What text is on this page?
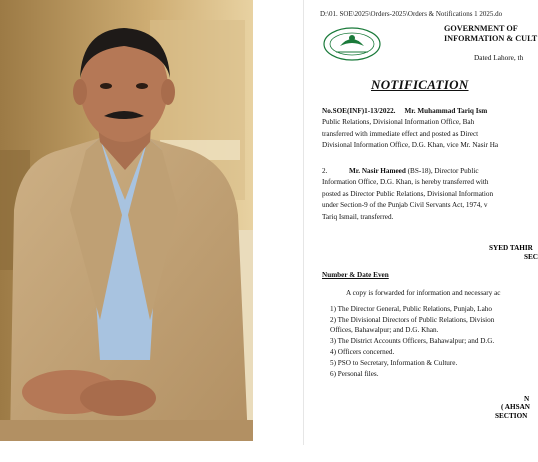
D:\01. SOE\2025\Orders-2025\Orders & Notifications 1 2025.do
GOVERNMENT OF
INFORMATION & CULT
Dated Lahore, th
NOTIFICATION
No.SOE(INF)1-13/2022. Mr. Muhammad Tariq Ism
Public Relations, Divisional Information Office, Bah
transferred with immediate effect and posted as Direct
Divisional Information Office, D.G. Khan, vice Mr. Nasir Ha
2.	Mr. Nasir Hameed (BS-18), Director Public
Information Office, D.G. Khan, is hereby transferred with
posted as Director Public Relations, Divisional Information
under Section-9 of the Punjab Civil Servants Act, 1974, v
Tariq Ismail, transferred.
SYED TAHIR
SEC
Number & Date Even
A copy is forwarded for information and necessary ac
1) The Director General, Public Relations, Punjab, Laho
2) The Divisional Directors of Public Relations, Division
Offices, Bahawalpur; and D.G. Khan.
3) The District Accounts Officers, Bahawalpur; and D.G.
4) Officers concerned.
5) PSO to Secretary, Information & Culture.
6) Personal files.
N
( AHSAN
SECTION
